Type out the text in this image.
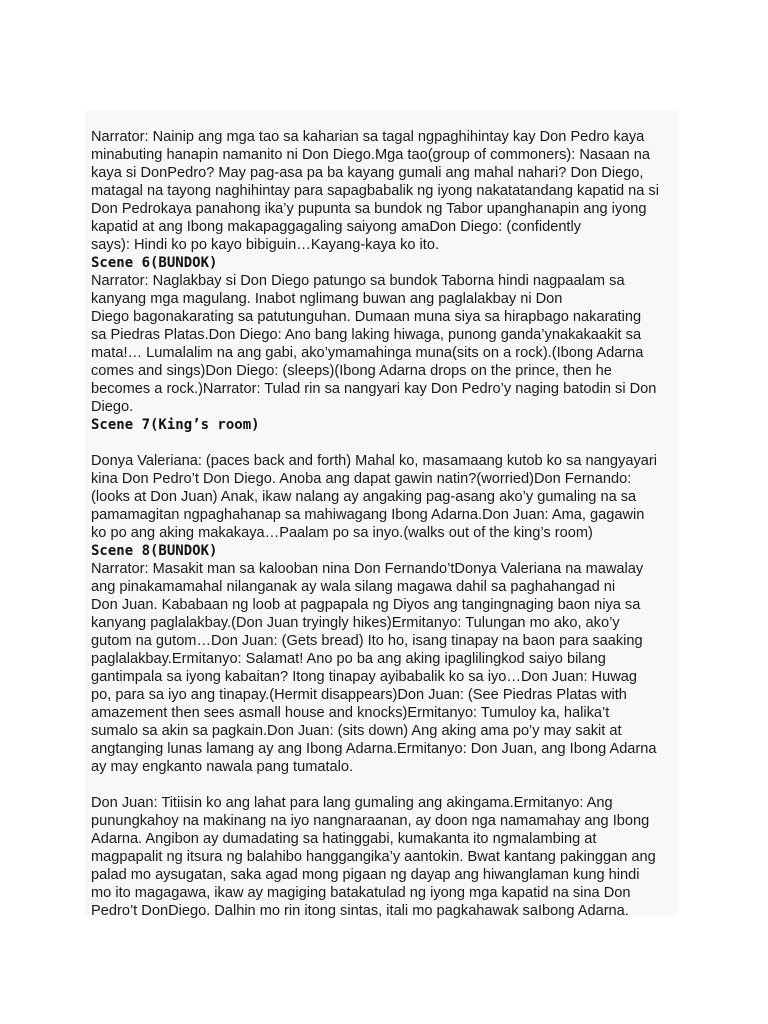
Narrator: Nainip ang mga tao sa kaharian sa tagal ngpaghihintay kay Don Pedro kaya
minabuting hanapin namanito ni Don Diego.Mga tao(group of commoners): Nasaan na
kaya si DonPedro? May pag-asa pa ba kayang gumali ang mahal nahari? Don Diego,
matagal na tayong naghihintay para sapagbabalik ng iyong nakatatandang kapatid na si
Don Pedrokaya panahong ika’y pupunta sa bundok ng Tabor upanghanapin ang iyong
kapatid at ang Ibong makapaggagaling saiyong amaDon Diego: (confidently
says): Hindi ko po kayo bibiguin…Kayang-kaya ko ito.

Scene 6(BUNDOK)

Narrator: Naglakbay si Don Diego patungo sa bundok Taborna hindi nagpaalam sa
kanyang mga magulang. Inabot nglimang buwan ang paglalakbay ni Don
Diego bagonakarating sa patutunguhan. Dumaan muna siya sa hirapbago nakarating
sa Piedras Platas.Don Diego: Ano bang laking hiwaga, punong ganda’ynakakaakit sa
mata!… Lumalalim na ang gabi, ako’ymamahinga muna(sits on a rock).(Ibong Adarna
comes and sings)Don Diego: (sleeps)(Ibong Adarna drops on the prince, then he
becomes a rock.)Narrator: Tulad rin sa nangyari kay Don Pedro’y naging batodin si Don
Diego.

Scene 7(King’s room)

Donya Valeriana: (paces back and forth) Mahal ko, masamaang kutob ko sa nangyayari
kina Don Pedro’t Don Diego. Anoba ang dapat gawin natin?(worried)Don Fernando:
(looks at Don Juan) Anak, ikaw nalang ay angaking pag-asang ako’y gumaling na sa
pamamagitan ngpaghahanap sa mahiwagang Ibong Adarna.Don Juan: Ama, gagawin
ko po ang aking makakaya…Paalam po sa inyo.(walks out of the king’s room)

Scene 8(BUNDOK)

Narrator: Masakit man sa kalooban nina Don Fernando’tDonya Valeriana na mawalay
ang pinakamamahal nilanganak ay wala silang magawa dahil sa paghahangad ni
Don Juan. Kababaan ng loob at pagpapala ng Diyos ang tangingnaging baon niya sa
kanyang paglalakbay.(Don Juan tryingly hikes)Ermitanyo: Tulungan mo ako, ako’y
gutom na gutom…Don Juan: (Gets bread) Ito ho, isang tinapay na baon para saaking
paglalakbay.Ermitanyo: Salamat! Ano po ba ang aking ipaglilingkod saiyo bilang
gantimpala sa iyong kabaitan? Itong tinapay ayibabalik ko sa iyo…Don Juan: Huwag
po, para sa iyo ang tinapay.(Hermit disappears)Don Juan: (See Piedras Platas with
amazement then sees asmall house and knocks)Ermitanyo: Tumuloy ka, halika’t
sumalo sa akin sa pagkain.Don Juan: (sits down) Ang aking ama po’y may sakit at
angtanging lunas lamang ay ang Ibong Adarna.Ermitanyo: Don Juan, ang Ibong Adarna
ay may engkanto nawala pang tumatalo.

Don Juan: Titiisin ko ang lahat para lang gumaling ang akingama.Ermitanyo: Ang
punungkahoy na makinang na iyo nangnaraanan, ay doon nga namamahay ang Ibong
Adarna. Angibon ay dumadating sa hatinggabi, kumakanta ito ngmalambing at
magpapalit ng itsura ng balahibo hanggangika’y aantokin. Bwat kantang pakinggan ang
palad mo aysugatan, saka agad mong pigaan ng dayap ang hiwanglaman kung hindi
mo ito magagawa, ikaw ay magiging batakatulad ng iyong mga kapatid na sina Don
Pedro’t DonDiego. Dalhin mo rin itong sintas, itali mo pagkahawak saIbong Adarna.
